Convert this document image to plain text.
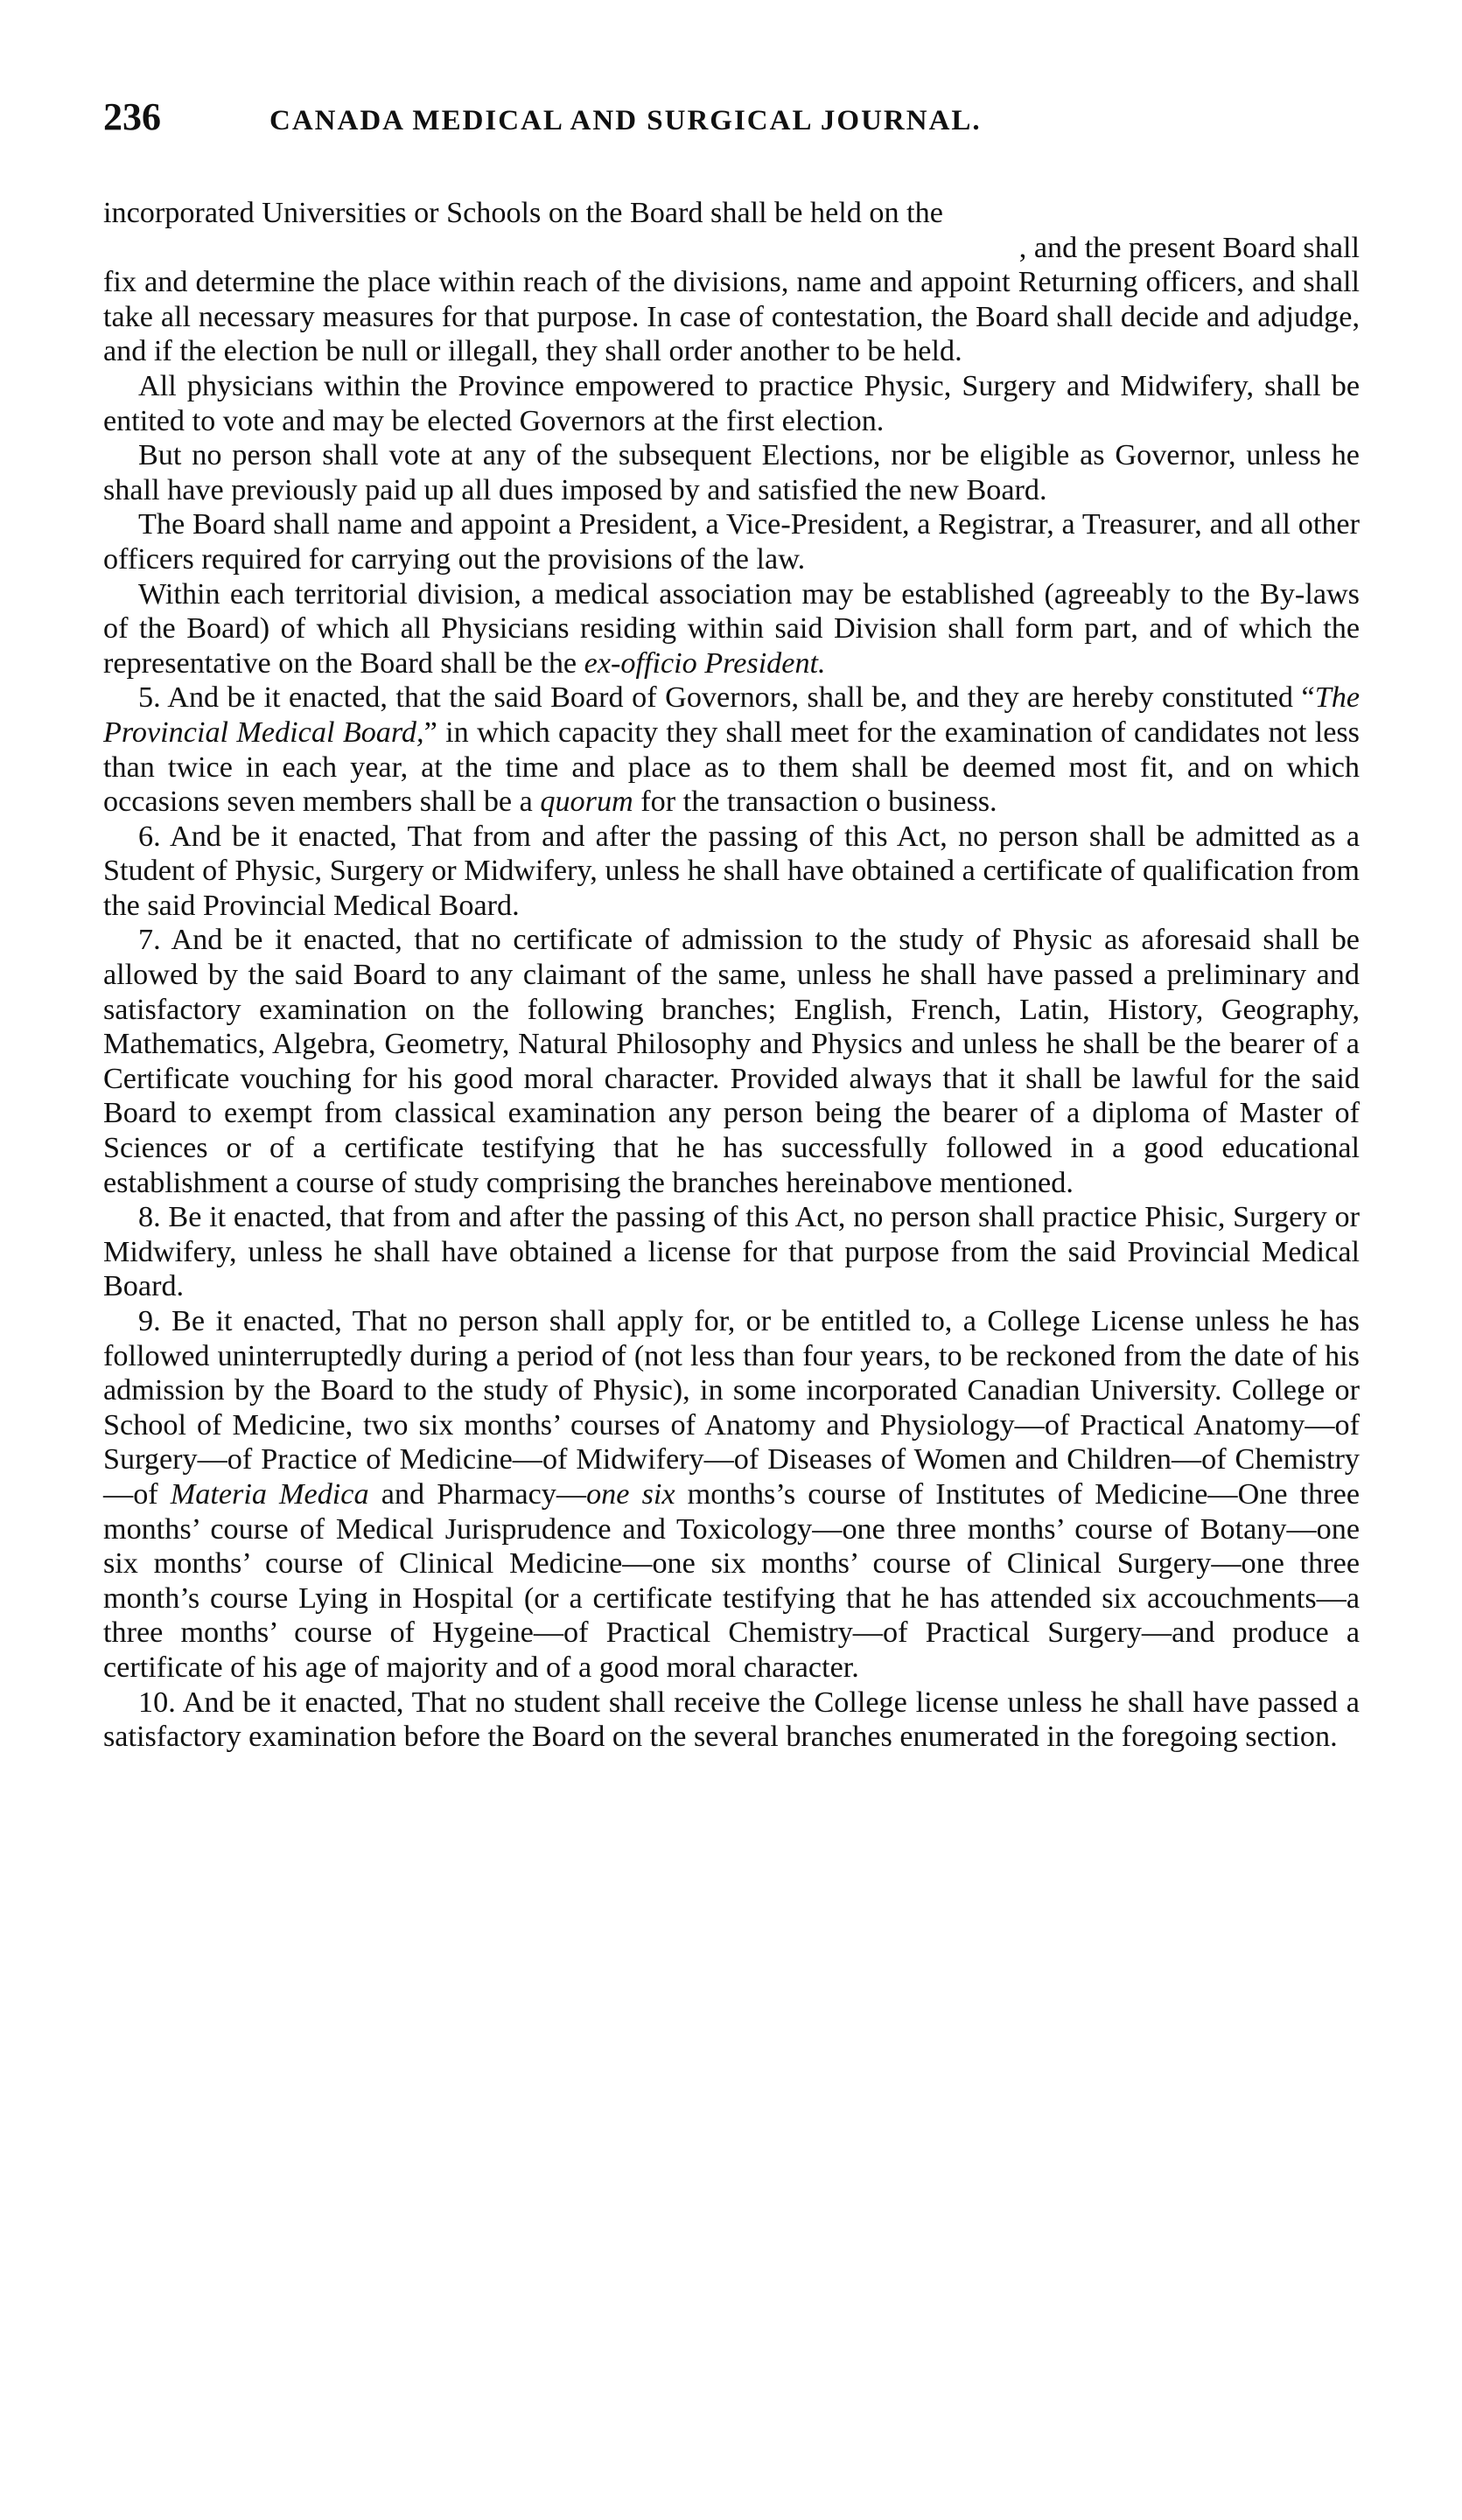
236	CANADA MEDICAL AND SURGICAL JOURNAL.

incorporated Universities or Schools on the Board shall be held on the
, and the present Board shall
fix and determine the place within reach of the divisions, name and appoint Returning officers, and shall take all necessary measures for that purpose. In case of contestation, the Board shall decide and adjudge, and if the election be null or illegall, they shall order another to be held.

All physicians within the Province empowered to practice Physic, Surgery and Midwifery, shall be entited to vote and may be elected Governors at the first election.

But no person shall vote at any of the subsequent Elections, nor be eligible as Governor, unless he shall have previously paid up all dues imposed by and satisfied the new Board.

The Board shall name and appoint a President, a Vice-President, a Registrar, a Treasurer, and all other officers required for carrying out the provisions of the law.

Within each territorial division, a medical association may be established (agreeably to the By-laws of the Board) of which all Physicians residing within said Division shall form part, and of which the representative on the Board shall be the ex-officio President.

5. And be it enacted, that the said Board of Governors, shall be, and they are hereby constituted “The Provincial Medical Board,” in which capacity they shall meet for the examination of candidates not less than twice in each year, at the time and place as to them shall be deemed most fit, and on which occasions seven members shall be a quorum for the transaction o business.

6. And be it enacted, That from and after the passing of this Act, no person shall be admitted as a Student of Physic, Surgery or Midwifery, unless he shall have obtained a certificate of qualification from the said Provincial Medical Board.

7. And be it enacted, that no certificate of admission to the study of Physic as aforesaid shall be allowed by the said Board to any claimant of the same, unless he shall have passed a preliminary and satisfactory examination on the following branches; English, French, Latin, History, Geography, Mathematics, Algebra, Geometry, Natural Philosophy and Physics and unless he shall be the bearer of a Certificate vouching for his good moral character. Provided always that it shall be lawful for the said Board to exempt from classical examination any person being the bearer of a diploma of Master of Sciences or of a certificate testifying that he has successfully followed in a good educational establishment a course of study comprising the branches hereinabove mentioned.

8. Be it enacted, that from and after the passing of this Act, no person shall practice Phisic, Surgery or Midwifery, unless he shall have obtained a license for that purpose from the said Provincial Medical Board.

9. Be it enacted, That no person shall apply for, or be entitled to, a College License unless he has followed uninterruptedly during a period of (not less than four years, to be reckoned from the date of his admission by the Board to the study of Physic), in some incorporated Canadian University. College or School of Medicine, two six months’ courses of Anatomy and Physiology—of Practical Anatomy—of Surgery—of Practice of Medicine—of Midwifery—of Diseases of Women and Children—of Chemistry—of Materia Medica and Pharmacy—one six months’s course of Institutes of Medicine—One three months’ course of Medical Jurisprudence and Toxicology—one three months’ course of Botany—one six months’ course of Clinical Medicine—one six months’ course of Clinical Surgery—one three month’s course Lying in Hospital (or a certificate testifying that he has attended six accouchments—a three months’ course of Hygeine—of Practical Chemistry—of Practical Surgery—and produce a certificate of his age of majority and of a good moral character.

10. And be it enacted, That no student shall receive the College license unless he shall have passed a satisfactory examination before the Board on the several branches enumerated in the foregoing section.
